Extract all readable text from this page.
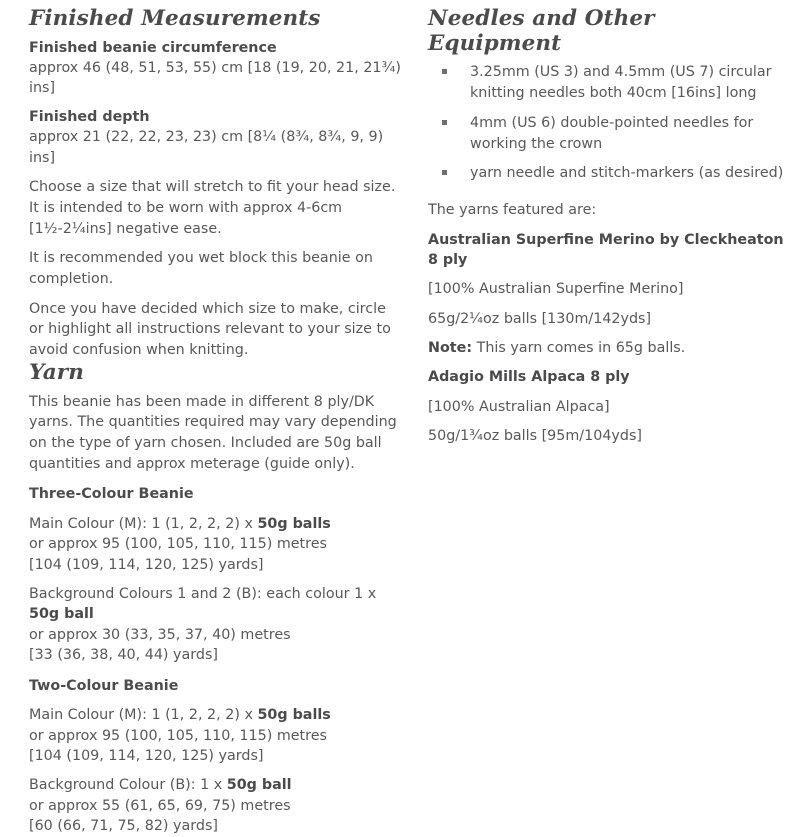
Finished Measurements
Finished beanie circumference
approx 46 (48, 51, 53, 55) cm [18 (19, 20, 21, 21¾) ins]
Finished depth
approx 21 (22, 22, 23, 23) cm [8¼ (8¾, 8¾, 9, 9) ins]

Choose a size that will stretch to fit your head size. It is intended to be worn with approx 4-6cm [1½-2¼ins] negative ease.

It is recommended you wet block this beanie on completion.

Once you have decided which size to make, circle or highlight all instructions relevant to your size to avoid confusion when knitting.

Yarn

This beanie has been made in different 8 ply/DK yarns. The quantities required may vary depending on the type of yarn chosen. Included are 50g ball quantities and approx meterage (guide only).

Three-Colour Beanie
Main Colour (M): 1 (1, 2, 2, 2) x 50g balls
or approx 95 (100, 105, 110, 115) metres
[104 (109, 114, 120, 125) yards]
Background Colours 1 and 2 (B): each colour 1 x 50g ball
or approx 30 (33, 35, 37, 40) metres
[33 (36, 38, 40, 44) yards]
Two-Colour Beanie
Main Colour (M): 1 (1, 2, 2, 2) x 50g balls
or approx 95 (100, 105, 110, 115) metres
[104 (109, 114, 120, 125) yards]
Background Colour (B): 1 x 50g ball
or approx 55 (61, 65, 69, 75) metres
[60 (66, 71, 75, 82) yards]
Needles and Other Equipment
3.25mm (US 3) and 4.5mm (US 7) circular knitting needles both 40cm [16ins] long
4mm (US 6) double-pointed needles for working the crown
yarn needle and stitch-markers (as desired)
The yarns featured are:
Australian Superfine Merino by Cleckheaton 8 ply
[100% Australian Superfine Merino]
65g/2¼oz balls [130m/142yds]
Note: This yarn comes in 65g balls.
Adagio Mills Alpaca 8 ply
[100% Australian Alpaca]
50g/1¾oz balls [95m/104yds]
